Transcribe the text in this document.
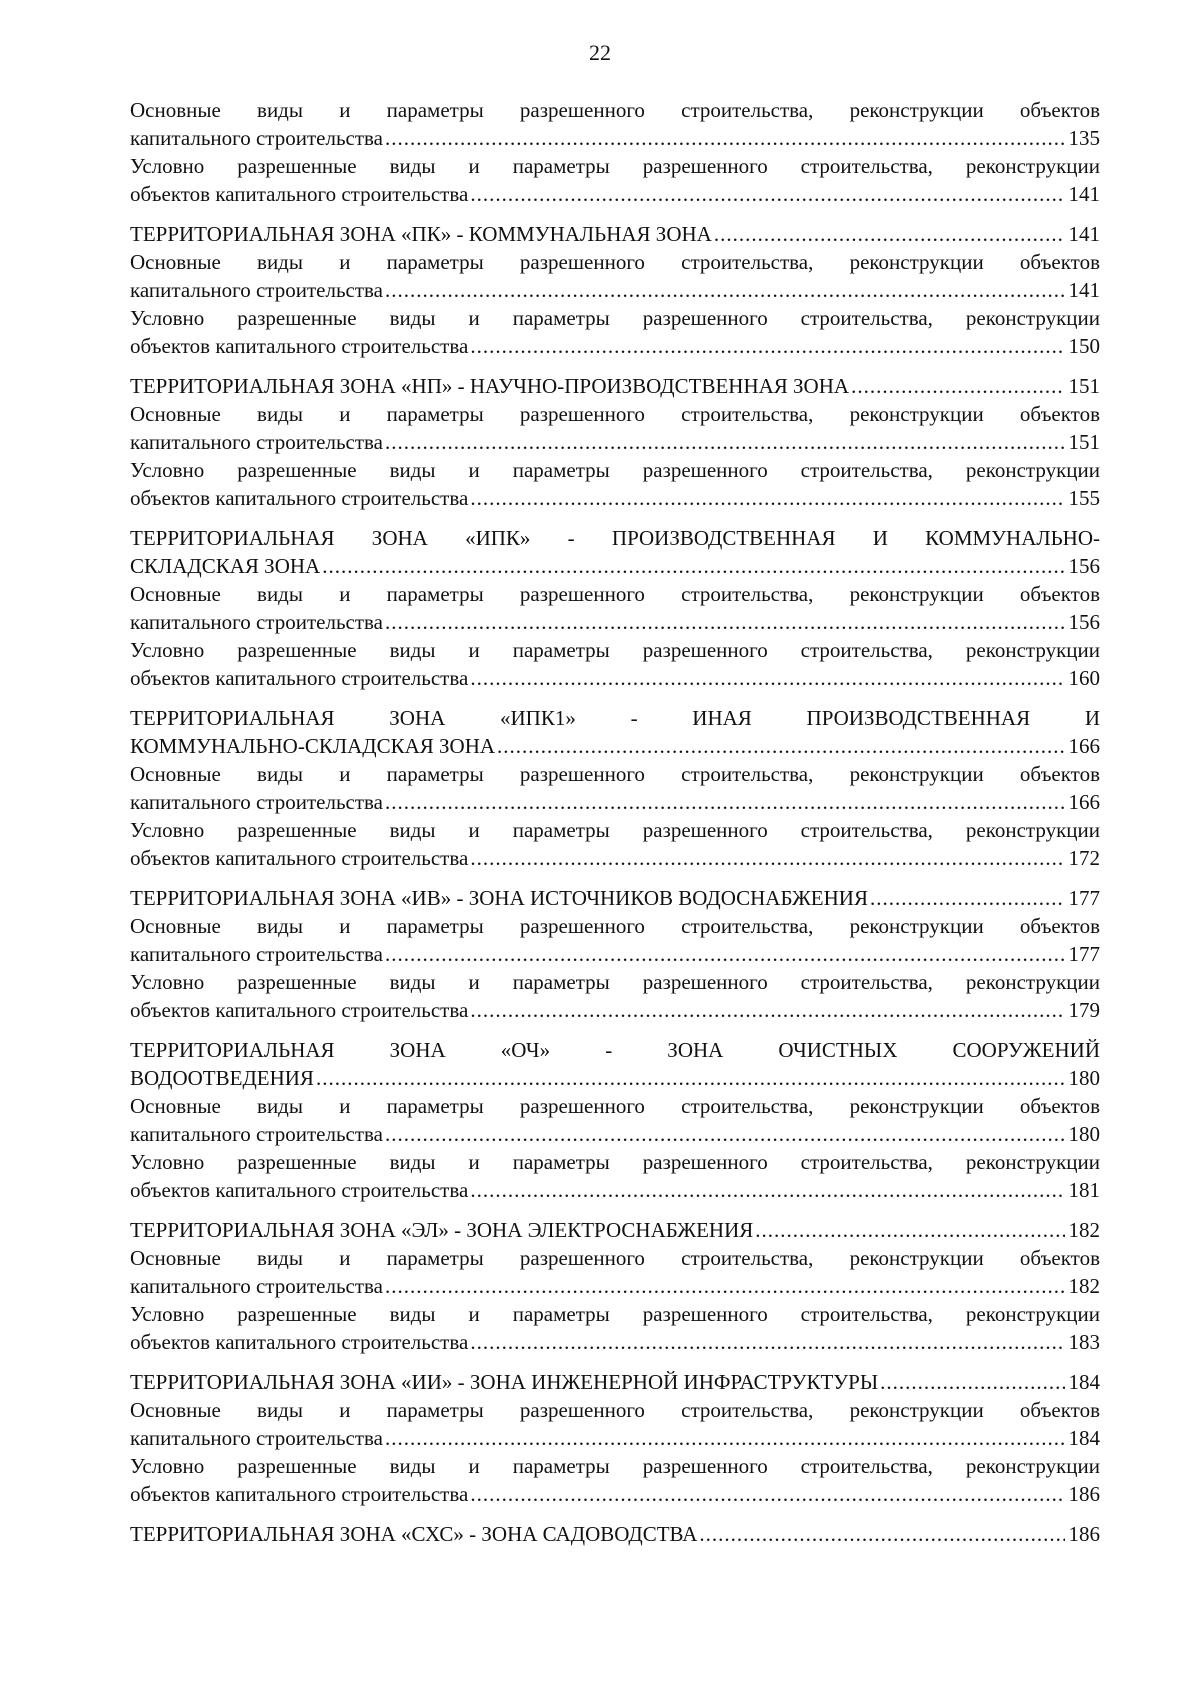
22
Основные виды и параметры разрешенного строительства, реконструкции объектов
капитального строительства .....	135
Условно разрешенные виды и параметры разрешенного строительства, реконструкции
объектов капитального строительства .....	141
ТЕРРИТОРИАЛЬНАЯ ЗОНА «ПК» - КОММУНАЛЬНАЯ ЗОНА .....	141
Основные виды и параметры разрешенного строительства, реконструкции объектов
капитального строительства .....	141
Условно разрешенные виды и параметры разрешенного строительства, реконструкции
объектов капитального строительства .....	150
ТЕРРИТОРИАЛЬНАЯ ЗОНА «НП» - НАУЧНО-ПРОИЗВОДСТВЕННАЯ ЗОНА .....	151
Основные виды и параметры разрешенного строительства, реконструкции объектов
капитального строительства .....	151
Условно разрешенные виды и параметры разрешенного строительства, реконструкции
объектов капитального строительства .....	155
ТЕРРИТОРИАЛЬНАЯ ЗОНА «ИПК» - ПРОИЗВОДСТВЕННАЯ И КОММУНАЛЬНО-
СКЛАДСКАЯ ЗОНА .....	156
Основные виды и параметры разрешенного строительства, реконструкции объектов
капитального строительства .....	156
Условно разрешенные виды и параметры разрешенного строительства, реконструкции
объектов капитального строительства .....	160
ТЕРРИТОРИАЛЬНАЯ ЗОНА «ИПК1» - ИНАЯ ПРОИЗВОДСТВЕННАЯ И
КОММУНАЛЬНО-СКЛАДСКАЯ ЗОНА .....	166
Основные виды и параметры разрешенного строительства, реконструкции объектов
капитального строительства .....	166
Условно разрешенные виды и параметры разрешенного строительства, реконструкции
объектов капитального строительства .....	172
ТЕРРИТОРИАЛЬНАЯ ЗОНА «ИВ» - ЗОНА ИСТОЧНИКОВ ВОДОСНАБЖЕНИЯ .....	177
Основные виды и параметры разрешенного строительства, реконструкции объектов
капитального строительства .....	177
Условно разрешенные виды и параметры разрешенного строительства, реконструкции
объектов капитального строительства .....	179
ТЕРРИТОРИАЛЬНАЯ ЗОНА «ОЧ» - ЗОНА ОЧИСТНЫХ СООРУЖЕНИЙ
ВОДООТВЕДЕНИЯ .....	180
Основные виды и параметры разрешенного строительства, реконструкции объектов
капитального строительства .....	180
Условно разрешенные виды и параметры разрешенного строительства, реконструкции
объектов капитального строительства .....	181
ТЕРРИТОРИАЛЬНАЯ ЗОНА «ЭЛ» - ЗОНА ЭЛЕКТРОСНАБЖЕНИЯ .....	182
Основные виды и параметры разрешенного строительства, реконструкции объектов
капитального строительства .....	182
Условно разрешенные виды и параметры разрешенного строительства, реконструкции
объектов капитального строительства .....	183
ТЕРРИТОРИАЛЬНАЯ ЗОНА «ИИ» - ЗОНА ИНЖЕНЕРНОЙ ИНФРАСТРУКТУРЫ .....	184
Основные виды и параметры разрешенного строительства, реконструкции объектов
капитального строительства .....	184
Условно разрешенные виды и параметры разрешенного строительства, реконструкции
объектов капитального строительства .....	186
ТЕРРИТОРИАЛЬНАЯ ЗОНА «СХС» - ЗОНА САДОВОДСТВА .....	186
